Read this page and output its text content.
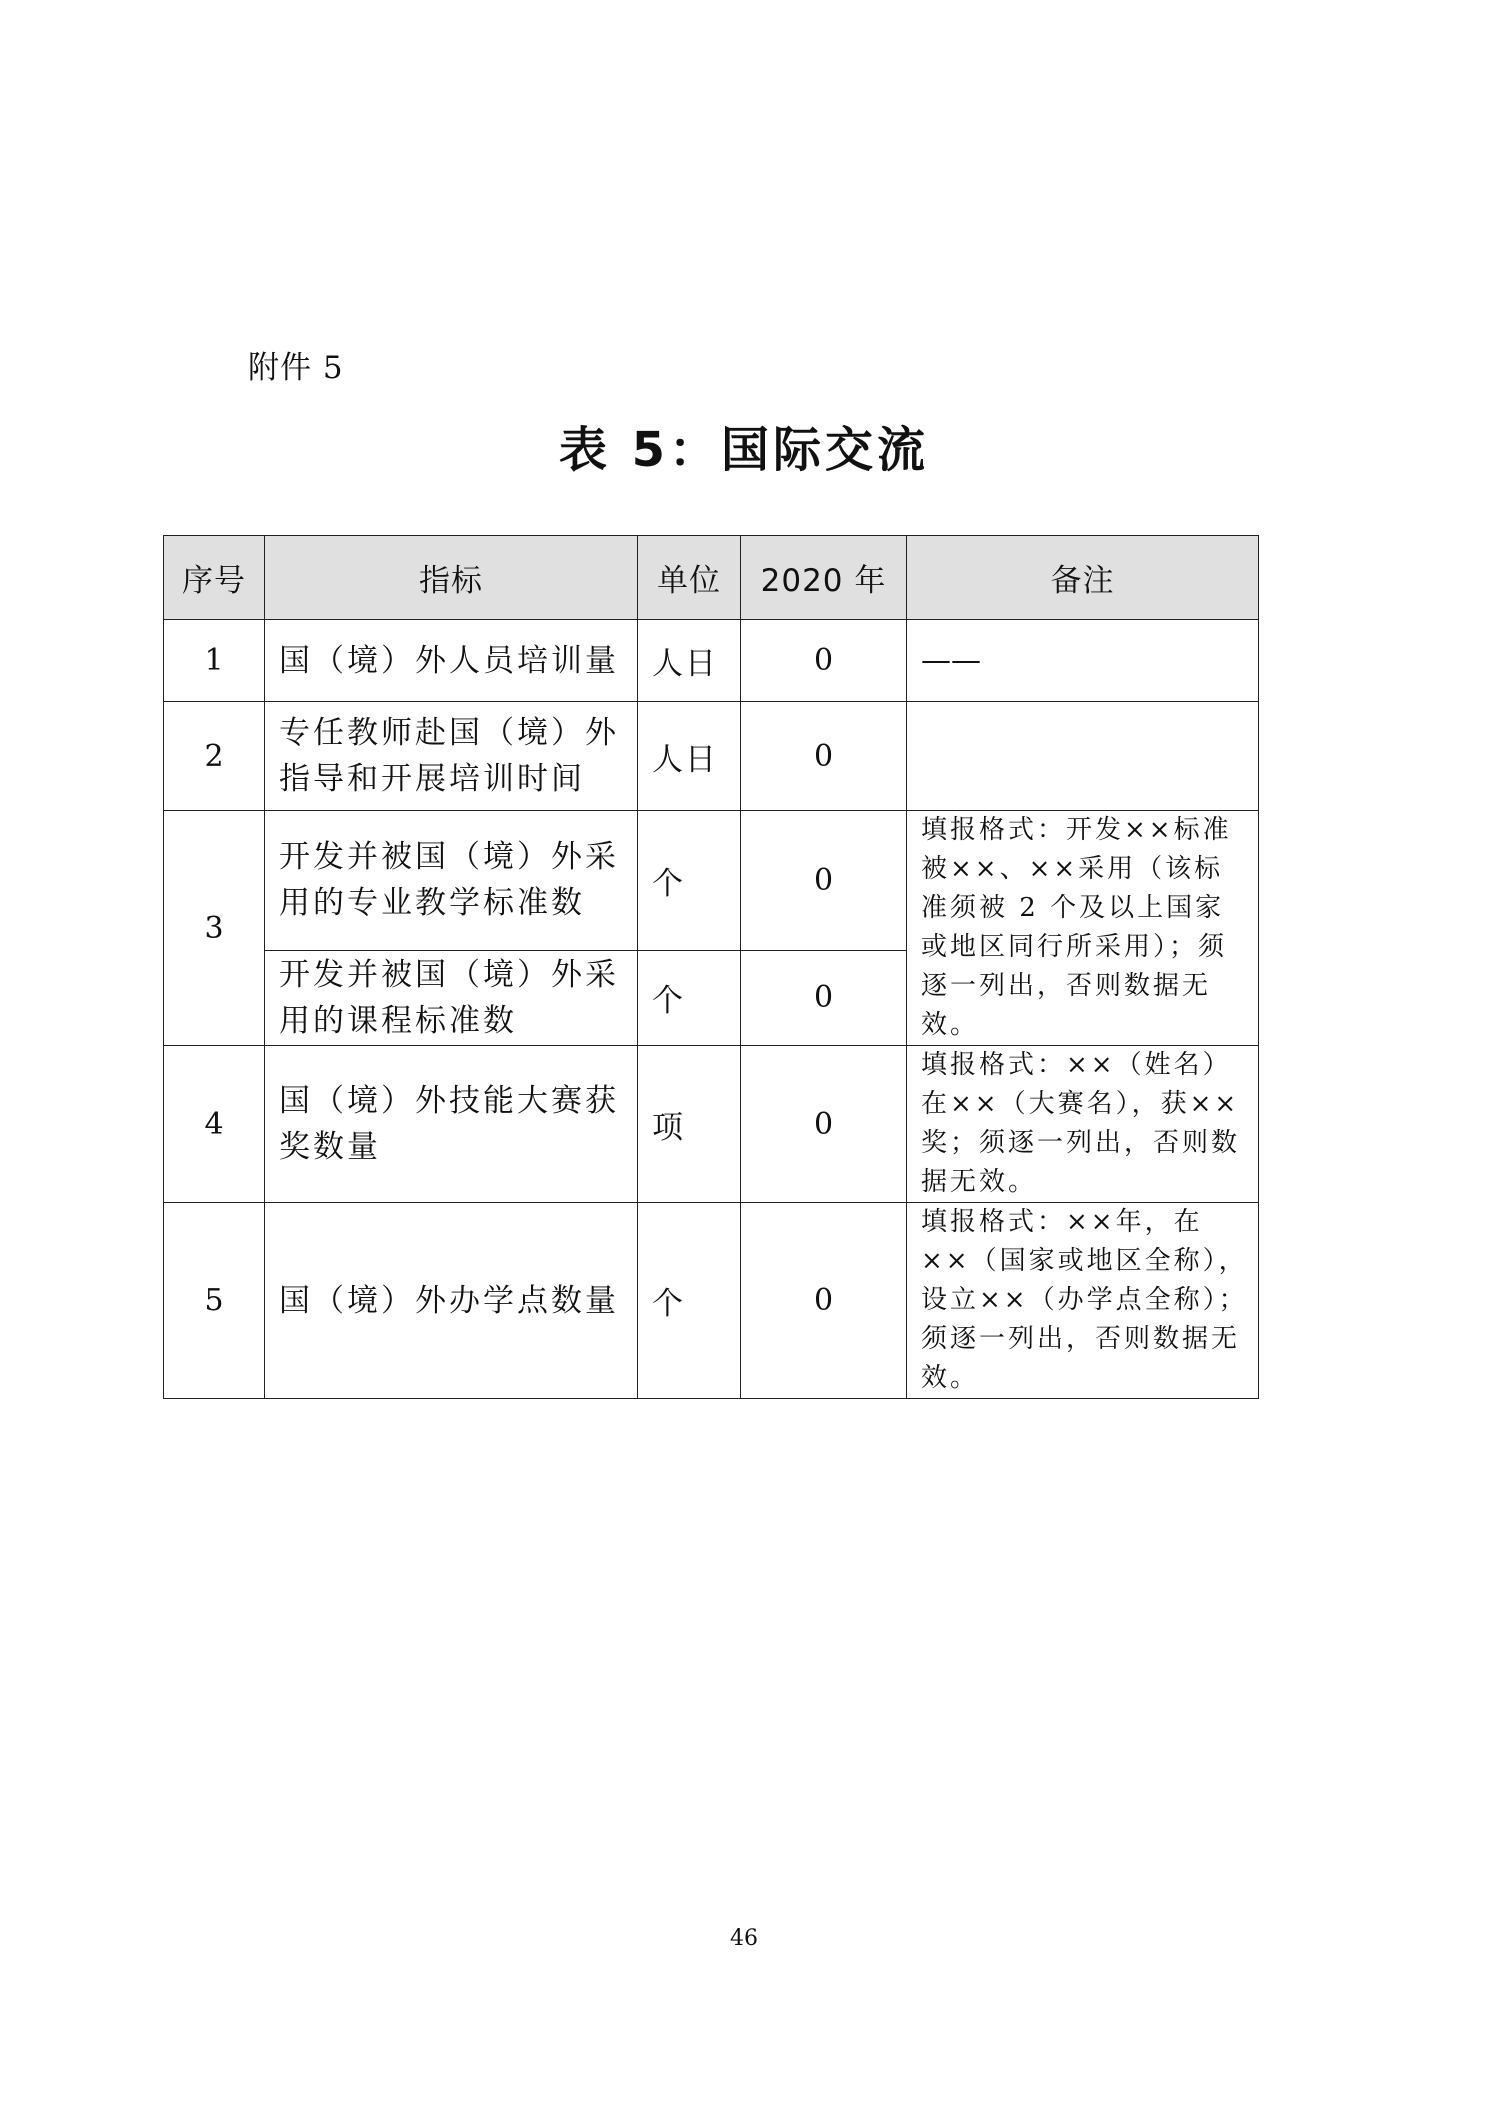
附件 5
表 5：国际交流
序号	指标	单位	2020 年	备注
1	国（境）外人员培训量	人日	0	——
2	专任教师赴国（境）外指导和开展培训时间	人日	0	
3	开发并被国（境）外采用的专业教学标准数	个	0	填报格式：开发××标准被××、××采用（该标准须被 2 个及以上国家或地区同行所采用）；须逐一列出，否则数据无效。
	开发并被国（境）外采用的课程标准数	个	0	
4	国（境）外技能大赛获奖数量	项	0	填报格式：××（姓名）在××（大赛名），获××奖；须逐一列出，否则数据无效。
5	国（境）外办学点数量	个	0	填报格式：××年，在××（国家或地区全称），设立××（办学点全称）；须逐一列出，否则数据无效。
46
